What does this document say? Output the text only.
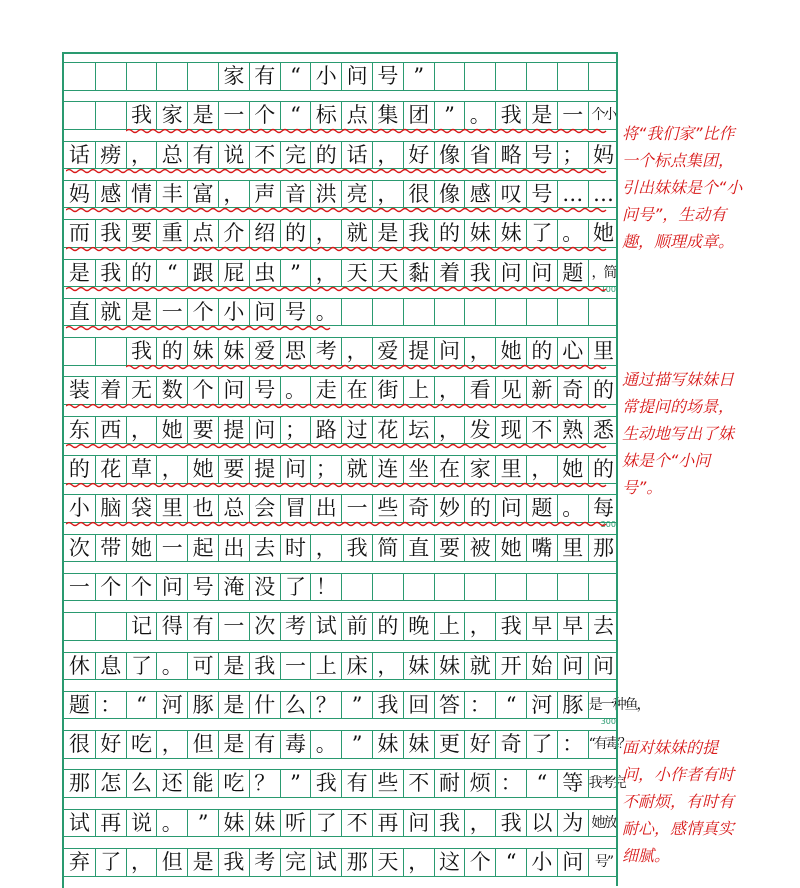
家 有 “ 小 问 号 ”
我 家 是 一 个 “ 标 点 集 团 ” 。 我 是 一 个小
话 痨 ， 总 有 说 不 完 的 话 ， 好 像 省 略 号 ； 妈
妈 感 情 丰 富 ， 声 音 洪 亮 ， 很 像 感 叹 号 … …
而 我 要 重 点 介 绍 的 ， 就 是 我 的 妹 妹 了 。 她
是 我 的 “ 跟 屁 虫 ” ， 天 天 黏 着 我 问 问 题 ，简
直 就 是 一 个 小 问 号 。
我 的 妹 妹 爱 思 考 ， 爱 提 问 ， 她 的 心 里
装 着 无 数 个 问 号 。 走 在 街 上 ， 看 见 新 奇 的
东 西 ， 她 要 提 问 ； 路 过 花 坛 ， 发 现 不 熟 悉
的 花 草 ， 她 要 提 问 ； 就 连 坐 在 家 里 ， 她 的
小 脑 袋 里 也 总 会 冒 出 一 些 奇 妙 的 问 题 。 每
次 带 她 一 起 出 去 时 ， 我 简 直 要 被 她 嘴 里 那
一 个 个 问 号 淹 没 了 ！
记 得 有 一 次 考 试 前 的 晚 上 ， 我 早 早 去
休 息 了 。 可 是 我 一 上 床 ， 妹 妹 就 开 始 问 问
题 ： “ 河 豚 是 什 么 ？ ” 我 回 答 ： “ 河 豚 是一种鱼，
很 好 吃 ， 但 是 有 毒 。 ” 妹 妹 更 好 奇 了 ： “有毒？
那 怎 么 还 能 吃 ？ ” 我 有 些 不 耐 烦 ： “ 等 我考完
试 再 说 。 ” 妹 妹 听 了 不 再 问 我 ， 我 以 为 她放
弃 了 ， 但 是 我 考 完 试 那 天 ， 这 个 “ 小 问 号”
100
200
300
将“我们家”比作一个标点集团，引出妹妹是个“小问号”，生动有趣，顺理成章。
通过描写妹妹日常提问的场景，生动地写出了妹妹是个“小问号”。
面对妹妹的提问，小作者有时不耐烦，有时有耐心，感情真实细腻。
